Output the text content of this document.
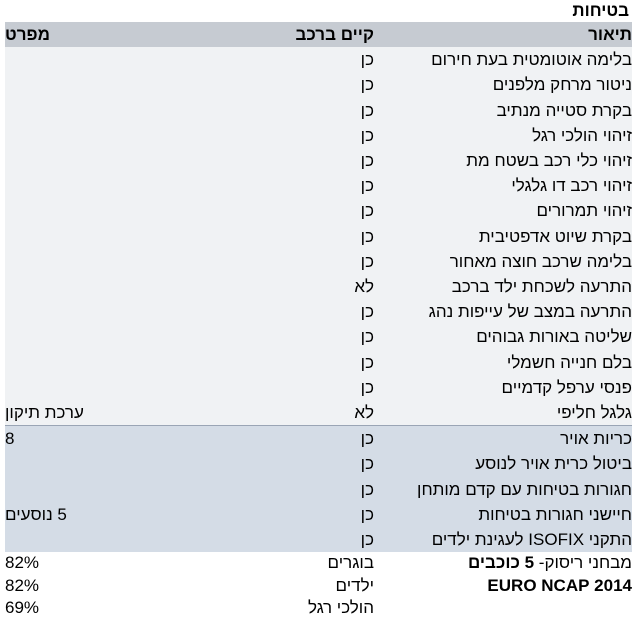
בטיחות
תיאור	קיים ברכב	מפרט
בלימה אוטומטית בעת חירום	כן	
ניטור מרחק מלפנים	כן	
בקרת סטייה מנתיב	כן	
זיהוי הולכי רגל	כן	
זיהוי כלי רכב בשטח מת	כן	
זיהוי רכב דו גלגלי	כן	
זיהוי תמרורים	כן	
בקרת שיוט אדפטיבית	כן	
בלימה שרכב חוצה מאחור	כן	
התרעה לשכחת ילד ברכב	לא	
התרעה במצב של עייפות נהג	כן	
שליטה באורות גבוהים	כן	
בלם חנייה חשמלי	כן	
פנסי ערפל קדמיים	כן	
גלגל חליפי	לא	ערכת תיקון
כריות אויר	כן	8
ביטול כרית אויר לנוסע	כן	
חגורות בטיחות עם קדם מותחן	כן	
חיישני חגורות בטיחות	כן	5 נוסעים
התקני ISOFIX לעגינת ילדים	כן	
מבחני ריסוק- 5 כוכבים	בוגרים	82%
2014 EURO NCAP	ילדים	82%
	הולכי רגל	69%
